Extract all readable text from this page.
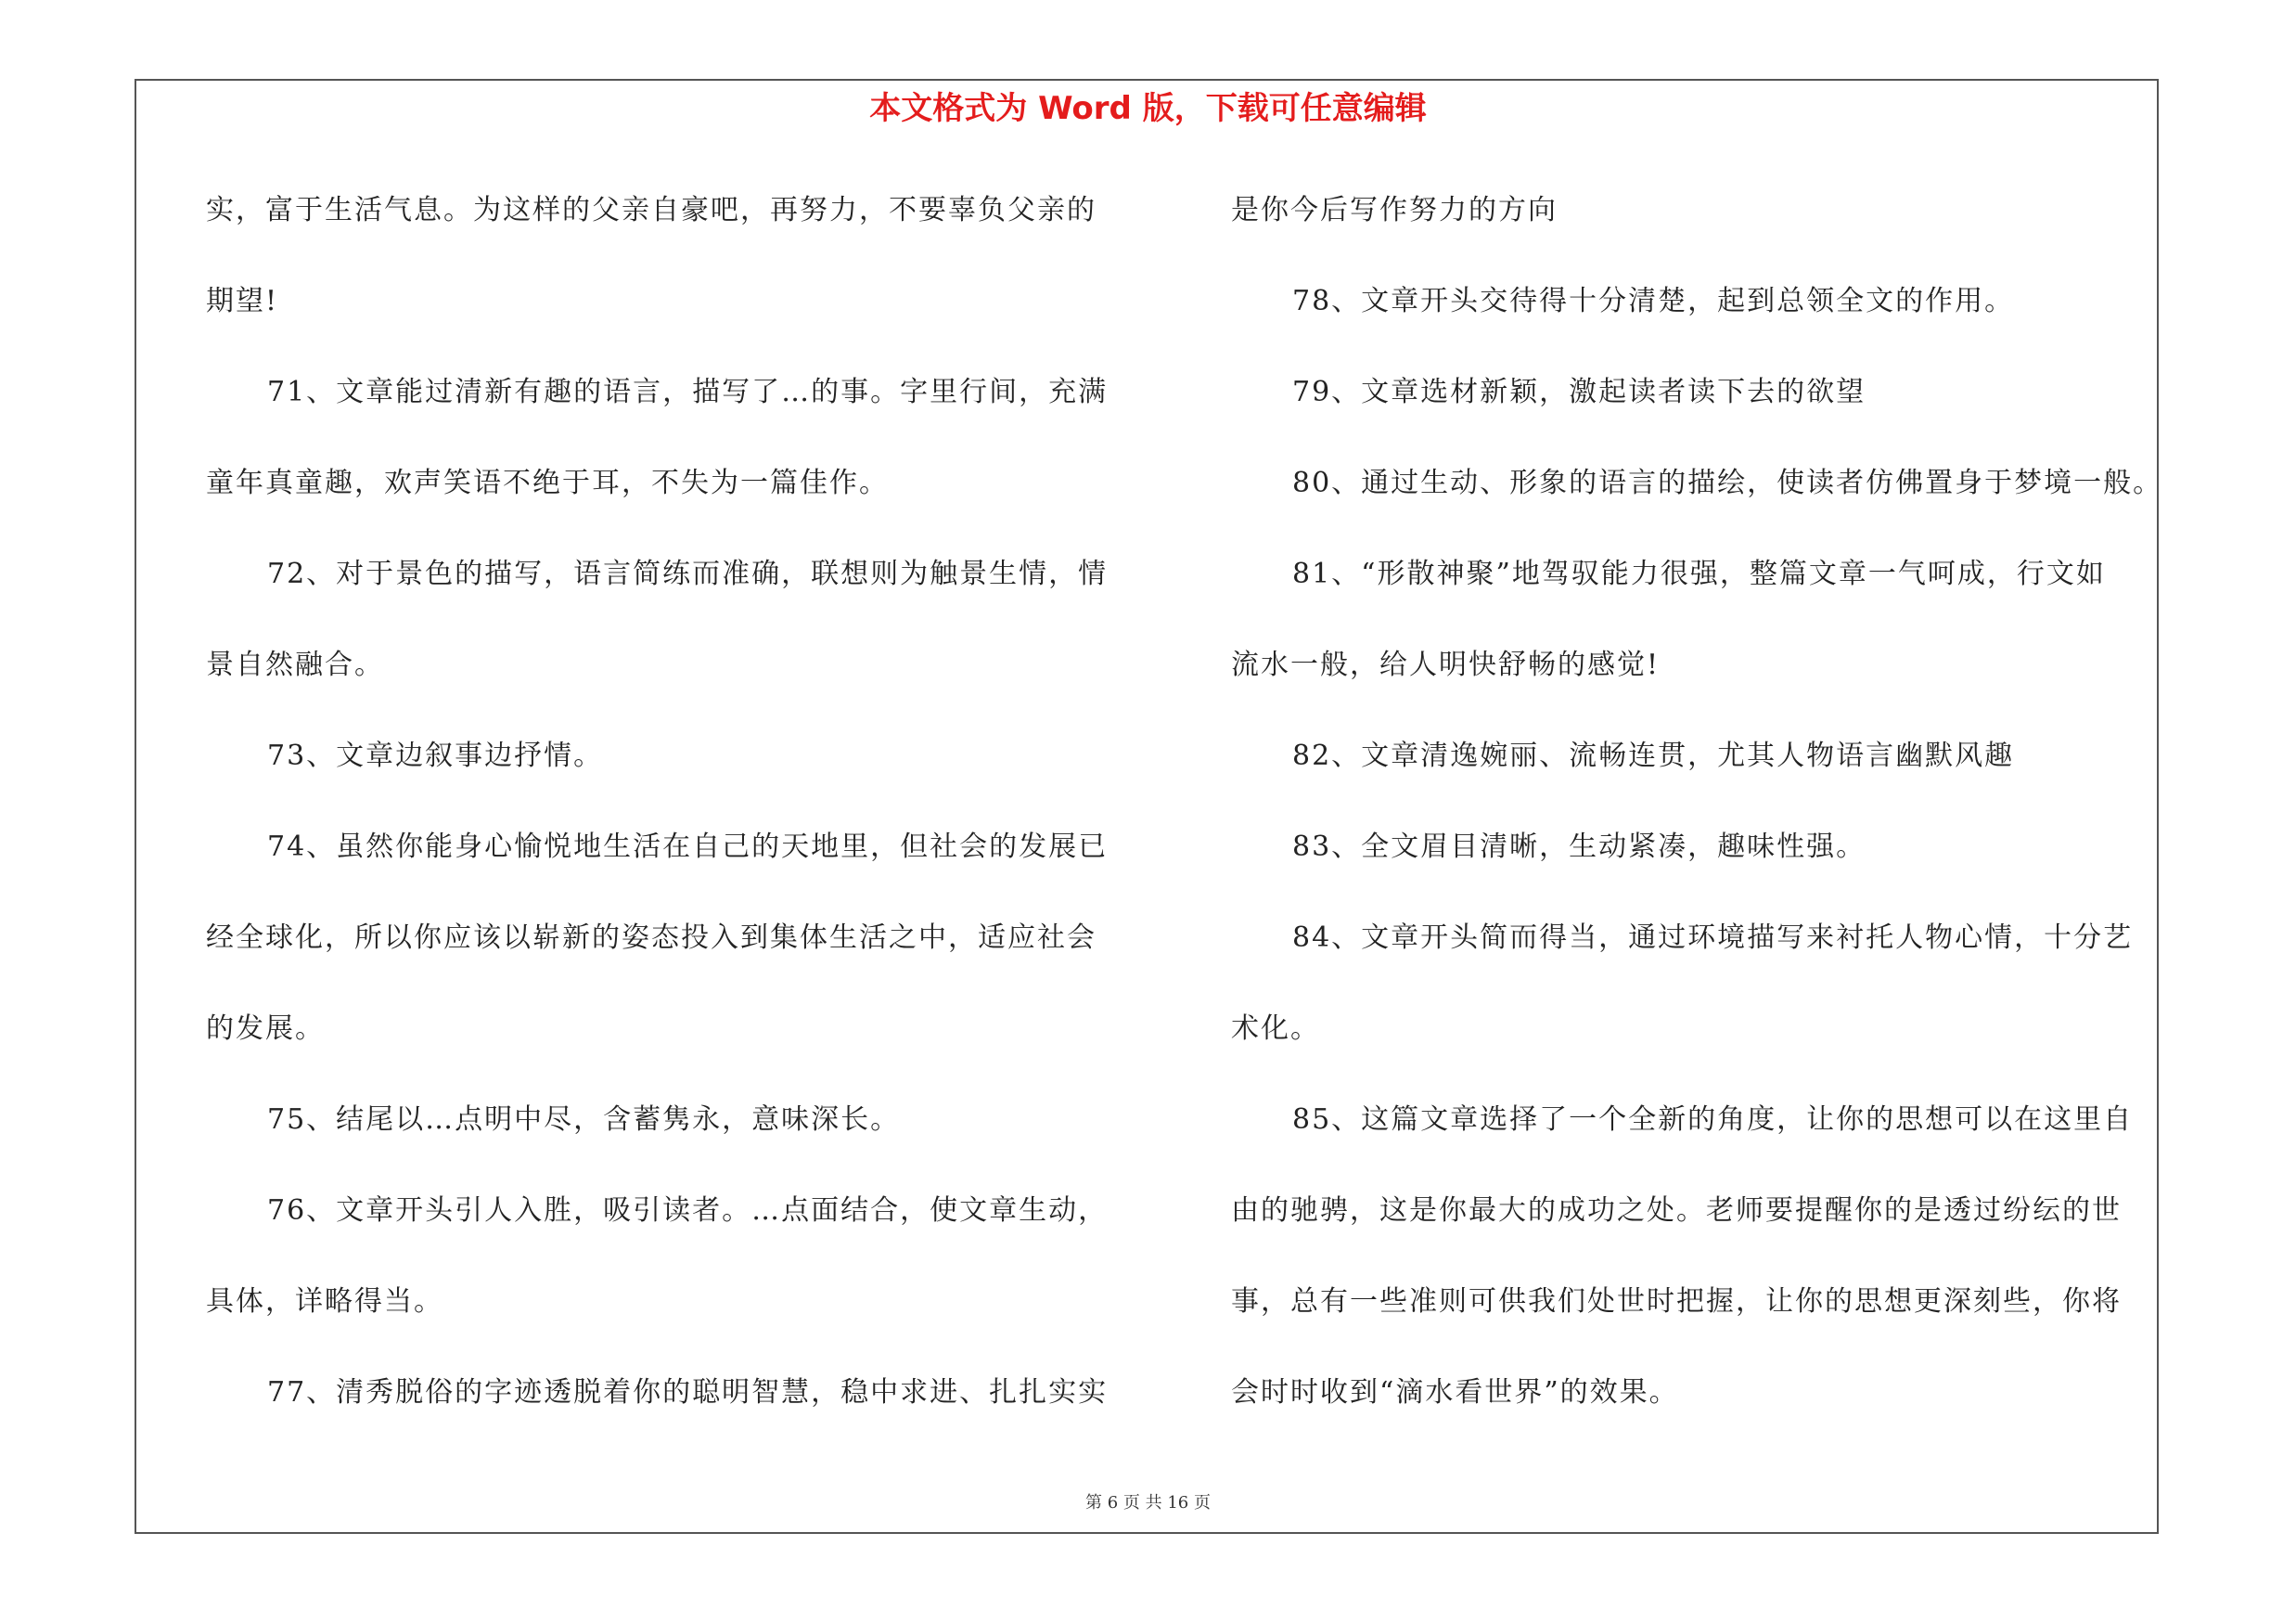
本文格式为 Word 版，下载可任意编辑
实，富于生活气息。为这样的父亲自豪吧，再努力，不要辜负父亲的
期望!
71、文章能过清新有趣的语言，描写了…的事。字里行间，充满
童年真童趣，欢声笑语不绝于耳，不失为一篇佳作。
72、对于景色的描写，语言简练而准确，联想则为触景生情，情
景自然融合。
73、文章边叙事边抒情。
74、虽然你能身心愉悦地生活在自己的天地里，但社会的发展已
经全球化，所以你应该以崭新的姿态投入到集体生活之中，适应社会
的发展。
75、结尾以…点明中尽，含蓄隽永，意味深长。
76、文章开头引人入胜，吸引读者。…点面结合，使文章生动，
具体，详略得当。
77、清秀脱俗的字迹透脱着你的聪明智慧，稳中求进、扎扎实实
是你今后写作努力的方向
78、文章开头交待得十分清楚，起到总领全文的作用。
79、文章选材新颖，激起读者读下去的欲望
80、通过生动、形象的语言的描绘，使读者仿佛置身于梦境一般。
81、“形散神聚”地驾驭能力很强，整篇文章一气呵成，行文如
流水一般，给人明快舒畅的感觉!
82、文章清逸婉丽、流畅连贯，尤其人物语言幽默风趣
83、全文眉目清晰，生动紧凑，趣味性强。
84、文章开头简而得当，通过环境描写来衬托人物心情，十分艺
术化。
85、这篇文章选择了一个全新的角度，让你的思想可以在这里自
由的驰骋，这是你最大的成功之处。老师要提醒你的是透过纷纭的世
事，总有一些准则可供我们处世时把握，让你的思想更深刻些，你将
会时时收到“滴水看世界”的效果。
第 6 页 共 16 页
